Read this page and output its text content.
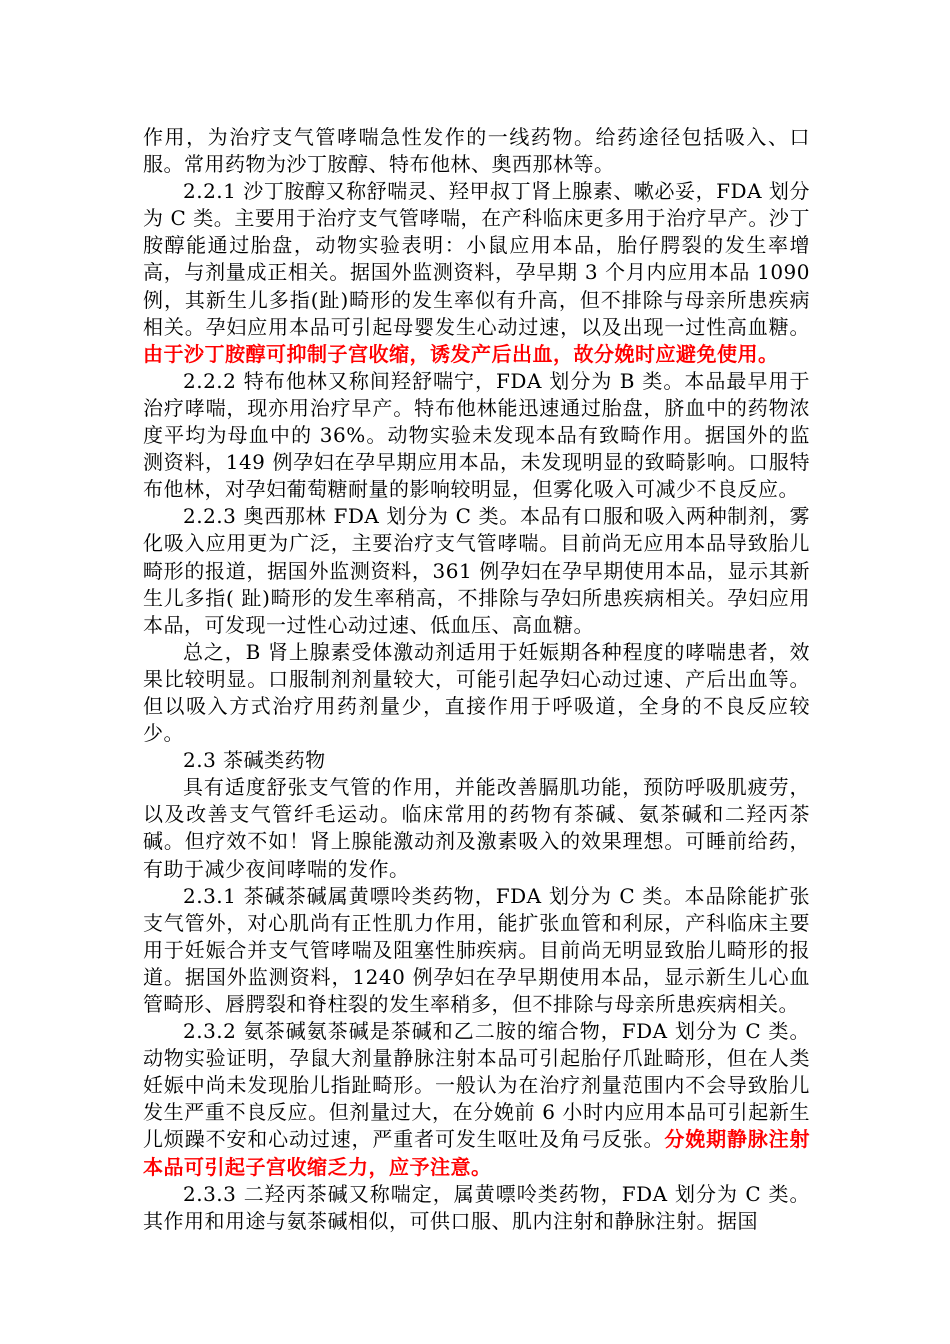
作用，为治疗支气管哮喘急性发作的一线药物。给药途径包括吸入、口服。常用药物为沙丁胺醇、特布他林、奥西那林等。

2.2.1 沙丁胺醇又称舒喘灵、羟甲叔丁肾上腺素、嗽必妥，FDA 划分为 C 类。主要用于治疗支气管哮喘，在产科临床更多用于治疗早产。沙丁胺醇能通过胎盘，动物实验表明：小鼠应用本品，胎仔腭裂的发生率增高，与剂量成正相关。据国外监测资料，孕早期 3 个月内应用本品 1090 例，其新生儿多指(趾)畸形的发生率似有升高，但不排除与母亲所患疾病相关。孕妇应用本品可引起母婴发生心动过速，以及出现一过性高血糖。由于沙丁胺醇可抑制子宫收缩，诱发产后出血，故分娩时应避免使用。

2.2.2 特布他林又称间羟舒喘宁，FDA 划分为 B 类。本品最早用于治疗哮喘，现亦用治疗早产。特布他林能迅速通过胎盘，脐血中的药物浓度平均为母血中的 36%。动物实验未发现本品有致畸作用。据国外的监测资料，149 例孕妇在孕早期应用本品，未发现明显的致畸影响。口服特布他林，对孕妇葡萄糖耐量的影响较明显，但雾化吸入可减少不良反应。

2.2.3 奥西那林 FDA 划分为 C 类。本品有口服和吸入两种制剂，雾化吸入应用更为广泛，主要治疗支气管哮喘。目前尚无应用本品导致胎儿畸形的报道，据国外监测资料，361 例孕妇在孕早期使用本品，显示其新生儿多指( 趾)畸形的发生率稍高，不排除与孕妇所患疾病相关。孕妇应用本品，可发现一过性心动过速、低血压、高血糖。

总之，B 肾上腺素受体激动剂适用于妊娠期各种程度的哮喘患者，效果比较明显。口服制剂剂量较大，可能引起孕妇心动过速、产后出血等。但以吸入方式治疗用药剂量少，直接作用于呼吸道，全身的不良反应较少。

2.3 茶碱类药物

具有适度舒张支气管的作用，并能改善膈肌功能，预防呼吸肌疲劳，以及改善支气管纤毛运动。临床常用的药物有茶碱、氨茶碱和二羟丙茶碱。但疗效不如！肾上腺能激动剂及激素吸入的效果理想。可睡前给药，有助于减少夜间哮喘的发作。

2.3.1 茶碱茶碱属黄嘌呤类药物，FDA 划分为 C 类。本品除能扩张支气管外，对心肌尚有正性肌力作用，能扩张血管和利尿，产科临床主要用于妊娠合并支气管哮喘及阻塞性肺疾病。目前尚无明显致胎儿畸形的报道。据国外监测资料，1240 例孕妇在孕早期使用本品，显示新生儿心血管畸形、唇腭裂和脊柱裂的发生率稍多，但不排除与母亲所患疾病相关。

2.3.2 氨茶碱氨茶碱是茶碱和乙二胺的缩合物，FDA 划分为 C 类。动物实验证明，孕鼠大剂量静脉注射本品可引起胎仔爪趾畸形，但在人类妊娠中尚未发现胎儿指趾畸形。一般认为在治疗剂量范围内不会导致胎儿发生严重不良反应。但剂量过大，在分娩前 6 小时内应用本品可引起新生儿烦躁不安和心动过速，严重者可发生呕吐及角弓反张。分娩期静脉注射本品可引起子宫收缩乏力，应予注意。

2.3.3 二羟丙茶碱又称喘定，属黄嘌呤类药物，FDA 划分为 C 类。其作用和用途与氨茶碱相似，可供口服、肌内注射和静脉注射。据国
